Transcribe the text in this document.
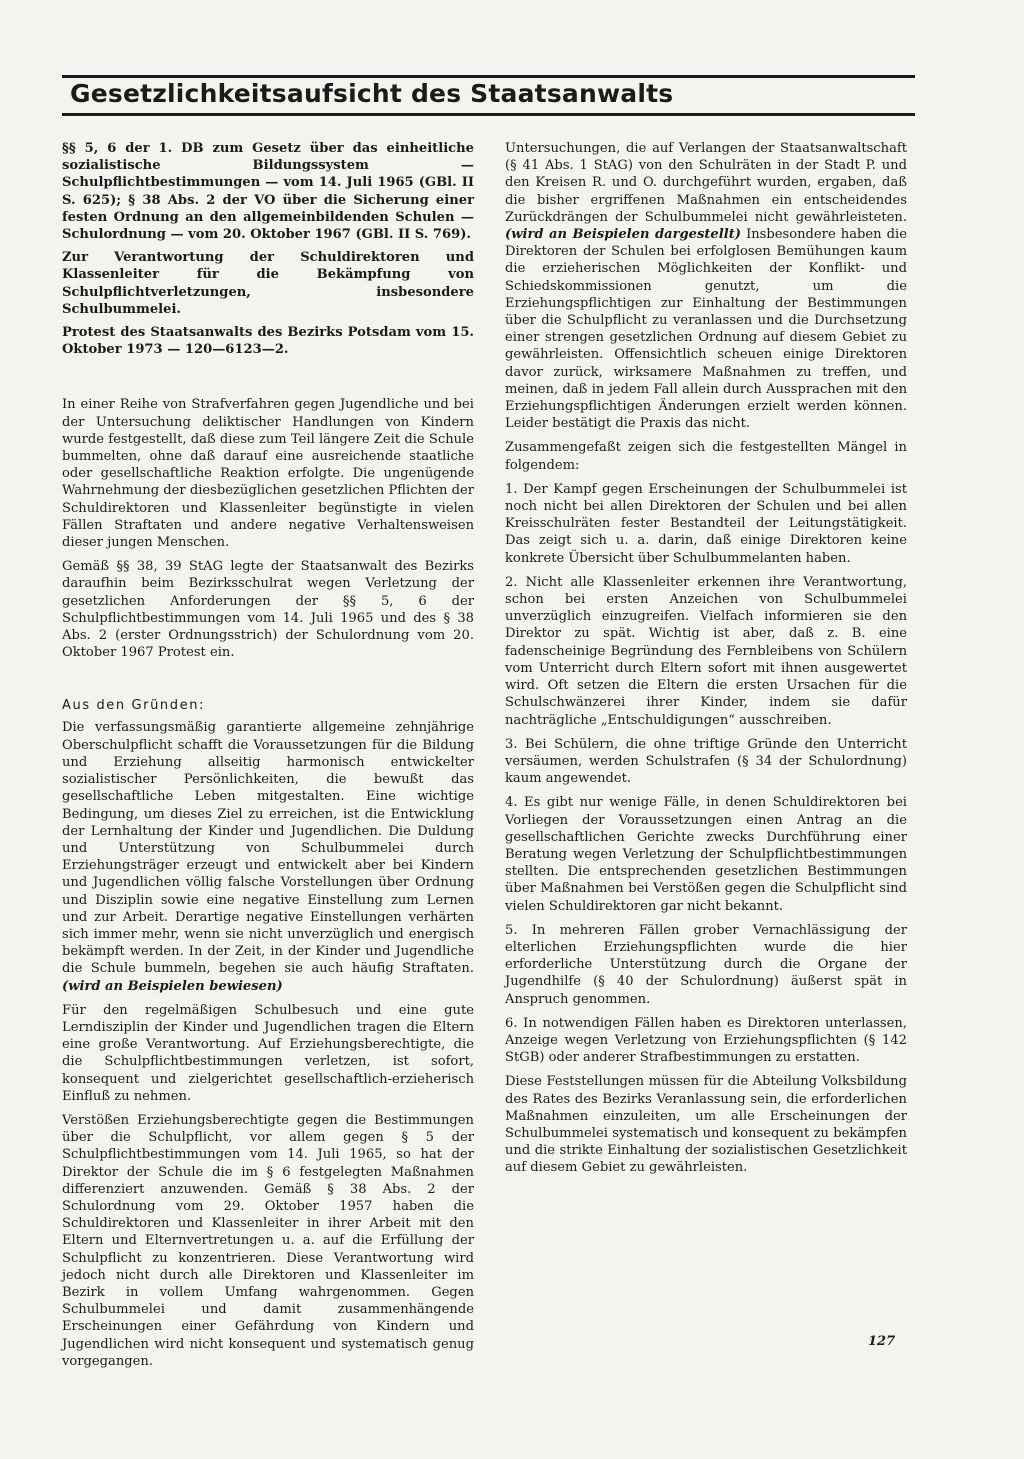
Gesetzlichkeitsaufsicht des Staatsanwalts

§§ 5, 6 der 1. DB zum Gesetz über das einheitliche sozialistische Bildungssystem — Schulpflichtbestimmungen — vom 14. Juli 1965 (GBl. II S. 625); § 38 Abs. 2 der VO über die Sicherung einer festen Ordnung an den allgemeinbildenden Schulen — Schulordnung — vom 20. Oktober 1967 (GBl. II S. 769).

Zur Verantwortung der Schuldirektoren und Klassenleiter für die Bekämpfung von Schulpflichtverletzungen, insbesondere Schulbummelei.

Protest des Staatsanwalts des Bezirks Potsdam vom 15. Oktober 1973 — 120—6123—2.

In einer Reihe von Strafverfahren gegen Jugendliche und bei der Untersuchung deliktischer Handlungen von Kindern wurde festgestellt, daß diese zum Teil längere Zeit die Schule bummelten, ohne daß darauf eine ausreichende staatliche oder gesellschaftliche Reaktion erfolgte. Die ungenügende Wahrnehmung der diesbezüglichen gesetzlichen Pflichten der Schuldirektoren und Klassenleiter begünstigte in vielen Fällen Straftaten und andere negative Verhaltensweisen dieser jungen Menschen.

Gemäß §§ 38, 39 StAG legte der Staatsanwalt des Bezirks daraufhin beim Bezirksschulrat wegen Verletzung der gesetzlichen Anforderungen der §§ 5, 6 der Schulpflichtbestimmungen vom 14. Juli 1965 und des § 38 Abs. 2 (erster Ordnungsstrich) der Schulordnung vom 20. Oktober 1967 Protest ein.

Aus den Gründen:

Die verfassungsmäßig garantierte allgemeine zehnjährige Oberschulpflicht schafft die Voraussetzungen für die Bildung und Erziehung allseitig harmonisch entwickelter sozialistischer Persönlichkeiten, die bewußt das gesellschaftliche Leben mitgestalten. Eine wichtige Bedingung, um dieses Ziel zu erreichen, ist die Entwicklung der Lernhaltung der Kinder und Jugendlichen. Die Duldung und Unterstützung von Schulbummelei durch Erziehungsträger erzeugt und entwickelt aber bei Kindern und Jugendlichen völlig falsche Vorstellungen über Ordnung und Disziplin sowie eine negative Einstellung zum Lernen und zur Arbeit. Derartige negative Einstellungen verhärten sich immer mehr, wenn sie nicht unverzüglich und energisch bekämpft werden. In der Zeit, in der Kinder und Jugendliche die Schule bummeln, begehen sie auch häufig Straftaten. (wird an Beispielen bewiesen)

Für den regelmäßigen Schulbesuch und eine gute Lerndisziplin der Kinder und Jugendlichen tragen die Eltern eine große Verantwortung. Auf Erziehungsberechtigte, die die Schulpflichtbestimmungen verletzen, ist sofort, konsequent und zielgerichtet gesellschaftlich-erzieherisch Einfluß zu nehmen.

Verstößen Erziehungsberechtigte gegen die Bestimmungen über die Schulpflicht, vor allem gegen § 5 der Schulpflichtbestimmungen vom 14. Juli 1965, so hat der Direktor der Schule die im § 6 festgelegten Maßnahmen differenziert anzuwenden. Gemäß § 38 Abs. 2 der Schulordnung vom 29. Oktober 1957 haben die Schuldirektoren und Klassenleiter in ihrer Arbeit mit den Eltern und Elternvertretungen u. a. auf die Erfüllung der Schulpflicht zu konzentrieren. Diese Verantwortung wird jedoch nicht durch alle Direktoren und Klassenleiter im Bezirk in vollem Umfang wahrgenommen. Gegen Schulbummelei und damit zusammenhängende Erscheinungen einer Gefährdung von Kindern und Jugendlichen wird nicht konsequent und systematisch genug vorgegangen.

Untersuchungen, die auf Verlangen der Staatsanwaltschaft (§ 41 Abs. 1 StAG) von den Schulräten in der Stadt P. und den Kreisen R. und O. durchgeführt wurden, ergaben, daß die bisher ergriffenen Maßnahmen ein entscheidendes Zurückdrängen der Schulbummelei nicht gewährleisteten. (wird an Beispielen dargestellt) Insbesondere haben die Direktoren der Schulen bei erfolglosen Bemühungen kaum die erzieherischen Möglichkeiten der Konflikt- und Schiedskommissionen genutzt, um die Erziehungspflichtigen zur Einhaltung der Bestimmungen über die Schulpflicht zu veranlassen und die Durchsetzung einer strengen gesetzlichen Ordnung auf diesem Gebiet zu gewährleisten. Offensichtlich scheuen einige Direktoren davor zurück, wirksamere Maßnahmen zu treffen, und meinen, daß in jedem Fall allein durch Aussprachen mit den Erziehungspflichtigen Änderungen erzielt werden können. Leider bestätigt die Praxis das nicht.

Zusammengefaßt zeigen sich die festgestellten Mängel in folgendem:

1. Der Kampf gegen Erscheinungen der Schulbummelei ist noch nicht bei allen Direktoren der Schulen und bei allen Kreisschulräten fester Bestandteil der Leitungstätigkeit. Das zeigt sich u. a. darin, daß einige Direktoren keine konkrete Übersicht über Schulbummelanten haben.

2. Nicht alle Klassenleiter erkennen ihre Verantwortung, schon bei ersten Anzeichen von Schulbummelei unverzüglich einzugreifen. Vielfach informieren sie den Direktor zu spät. Wichtig ist aber, daß z. B. eine fadenscheinige Begründung des Fernbleibens von Schülern vom Unterricht durch Eltern sofort mit ihnen ausgewertet wird. Oft setzen die Eltern die ersten Ursachen für die Schulschwänzerei ihrer Kinder, indem sie dafür nachträgliche „Entschuldigungen“ ausschreiben.

3. Bei Schülern, die ohne triftige Gründe den Unterricht versäumen, werden Schulstrafen (§ 34 der Schulordnung) kaum angewendet.

4. Es gibt nur wenige Fälle, in denen Schuldirektoren bei Vorliegen der Voraussetzungen einen Antrag an die gesellschaftlichen Gerichte zwecks Durchführung einer Beratung wegen Verletzung der Schulpflichtbestimmungen stellten. Die entsprechenden gesetzlichen Bestimmungen über Maßnahmen bei Verstößen gegen die Schulpflicht sind vielen Schuldirektoren gar nicht bekannt.

5. In mehreren Fällen grober Vernachlässigung der elterlichen Erziehungspflichten wurde die hier erforderliche Unterstützung durch die Organe der Jugendhilfe (§ 40 der Schulordnung) äußerst spät in Anspruch genommen.

6. In notwendigen Fällen haben es Direktoren unterlassen, Anzeige wegen Verletzung von Erziehungspflichten (§ 142 StGB) oder anderer Strafbestimmungen zu erstatten.

Diese Feststellungen müssen für die Abteilung Volksbildung des Rates des Bezirks Veranlassung sein, die erforderlichen Maßnahmen einzuleiten, um alle Erscheinungen der Schulbummelei systematisch und konsequent zu bekämpfen und die strikte Einhaltung der sozialistischen Gesetzlichkeit auf diesem Gebiet zu gewährleisten.

127
